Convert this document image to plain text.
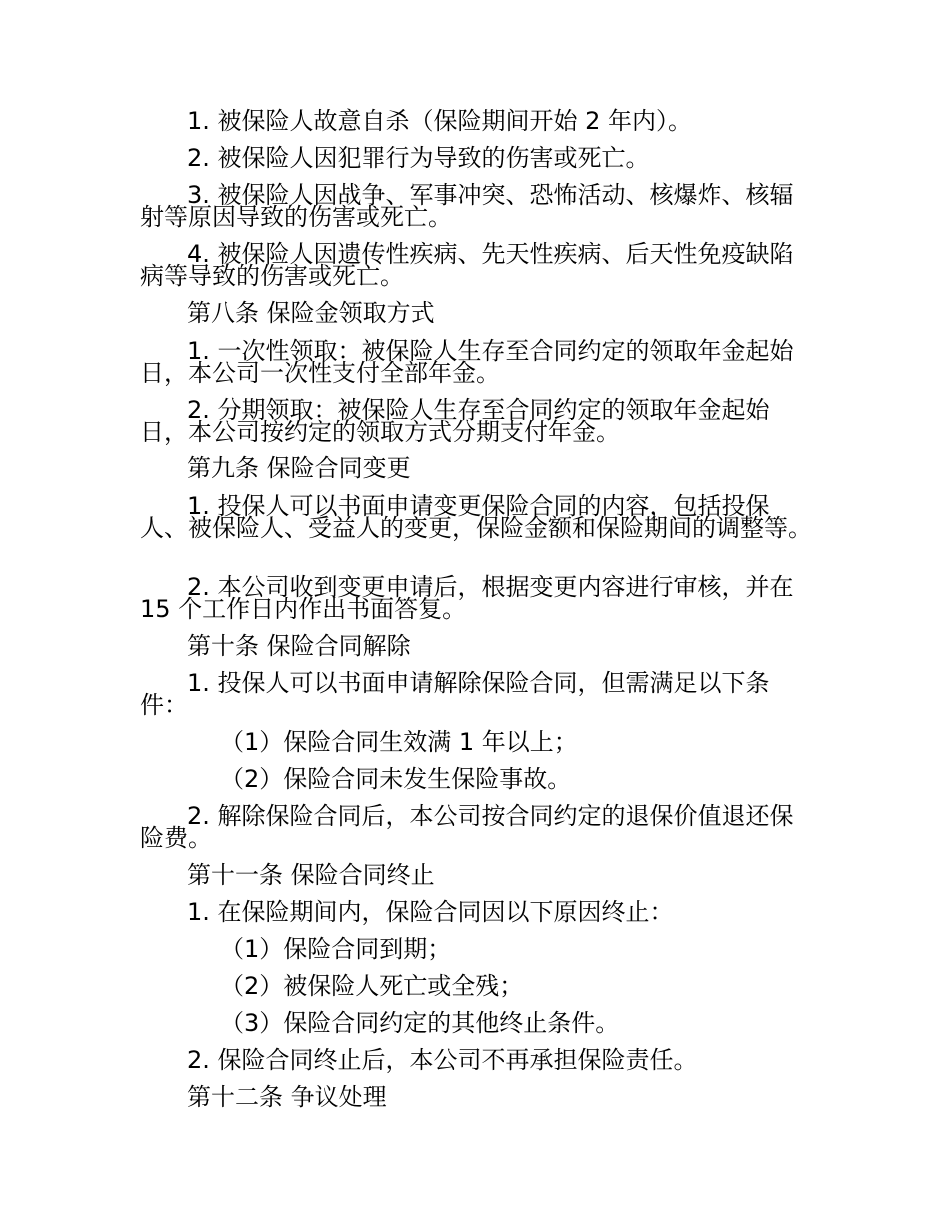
1. 被保险人故意自杀（保险期间开始 2 年内）。

2. 被保险人因犯罪行为导致的伤害或死亡。

3. 被保险人因战争、军事冲突、恐怖活动、核爆炸、核辐射等原因导致的伤害或死亡。

4. 被保险人因遗传性疾病、先天性疾病、后天性免疫缺陷病等导致的伤害或死亡。

第八条 保险金领取方式

1. 一次性领取：被保险人生存至合同约定的领取年金起始日，本公司一次性支付全部年金。

2. 分期领取：被保险人生存至合同约定的领取年金起始日，本公司按约定的领取方式分期支付年金。

第九条 保险合同变更

1. 投保人可以书面申请变更保险合同的内容，包括投保人、被保险人、受益人的变更，保险金额和保险期间的调整等。

2. 本公司收到变更申请后，根据变更内容进行审核，并在 15 个工作日内作出书面答复。

第十条 保险合同解除

1. 投保人可以书面申请解除保险合同，但需满足以下条件：

（1）保险合同生效满 1 年以上；

（2）保险合同未发生保险事故。

2. 解除保险合同后，本公司按合同约定的退保价值退还保险费。

第十一条 保险合同终止

1. 在保险期间内，保险合同因以下原因终止：

（1）保险合同到期；

（2）被保险人死亡或全残；

（3）保险合同约定的其他终止条件。

2. 保险合同终止后，本公司不再承担保险责任。

第十二条 争议处理
